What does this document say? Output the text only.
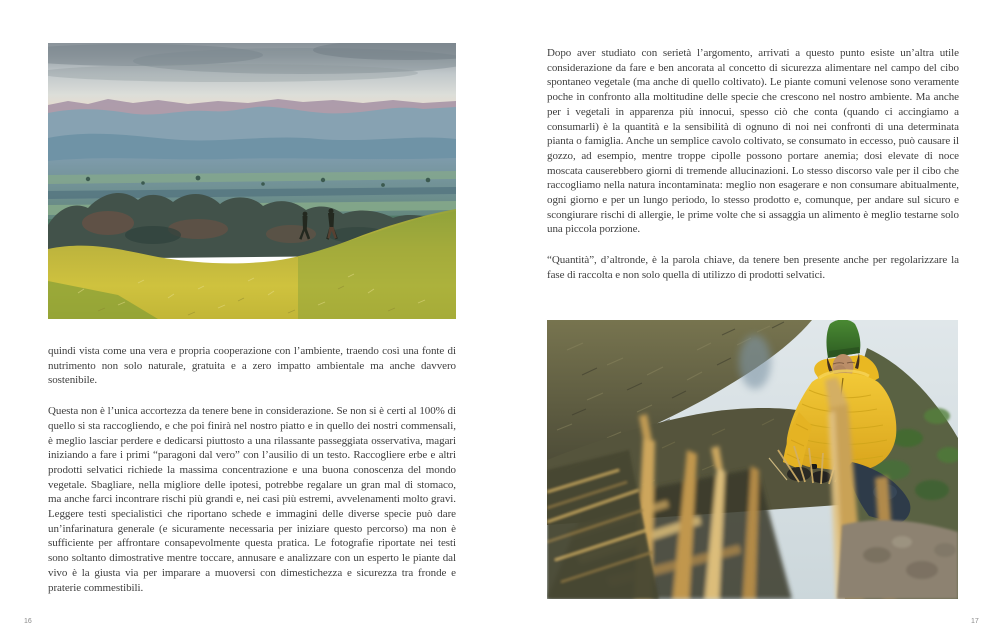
quindi vista come una vera e propria cooperazione con l’ambiente, traendo così una fonte di nutrimento non solo naturale, gratuita e a zero impatto ambientale ma anche davvero sostenibile.

Questa non è l’unica accortezza da tenere bene in considerazione. Se non si è certi al 100% di quello si sta raccogliendo, e che poi finirà nel nostro piatto e in quello dei nostri commensali, è meglio lasciar perdere e dedicarsi piuttosto a una rilassante passeggiata osservativa, magari iniziando a fare i primi “paragoni dal vero” con l’ausilio di un testo. Raccogliere erbe e altri prodotti selvatici richiede la massima concentrazione e una buona conoscenza del mondo vegetale. Sbagliare, nella migliore delle ipotesi, potrebbe regalare un gran mal di stomaco, ma anche farci incontrare rischi più grandi e, nei casi più estremi, avvelenamenti molto gravi. Leggere testi specialistici che riportano schede e immagini delle diverse specie può dare un’infarinatura generale (e sicuramente necessaria per iniziare questo percorso) ma non è sufficiente per affrontare consapevolmente questa pratica. Le fotografie riportate nei testi sono soltanto dimostrative mentre toccare, annusare e analizzare con un esperto le piante dal vivo è la giusta via per imparare a muoversi con dimestichezza e sicurezza tra fronde e praterie commestibili.

16

Dopo aver studiato con serietà l’argomento, arrivati a questo punto esiste un’altra utile considerazione da fare e ben ancorata al concetto di sicurezza alimentare nel campo del cibo spontaneo vegetale (ma anche di quello coltivato). Le piante comuni velenose sono veramente poche in confronto alla moltitudine delle specie che crescono nel nostro ambiente. Ma anche per i vegetali in apparenza più innocui, spesso ciò che conta (quando ci accingiamo a consumarli) è la quantità e la sensibilità di ognuno di noi nei confronti di una determinata pianta o famiglia. Anche un semplice cavolo coltivato, se consumato in eccesso, può causare il gozzo, ad esempio, mentre troppe cipolle possono portare anemia; dosi elevate di noce moscata causerebbero giorni di tremende allucinazioni. Lo stesso discorso vale per il cibo che raccogliamo nella natura incontaminata: meglio non esagerare e non consumare abitualmente, ogni giorno e per un lungo periodo, lo stesso prodotto e, comunque, per andare sul sicuro e scongiurare rischi di allergie, le prime volte che si assaggia un alimento è meglio testarne solo una piccola porzione.

“Quantità”, d’altronde, è la parola chiave, da tenere ben presente anche per regolarizzare la fase di raccolta e non solo quella di utilizzo di prodotti selvatici.

17
